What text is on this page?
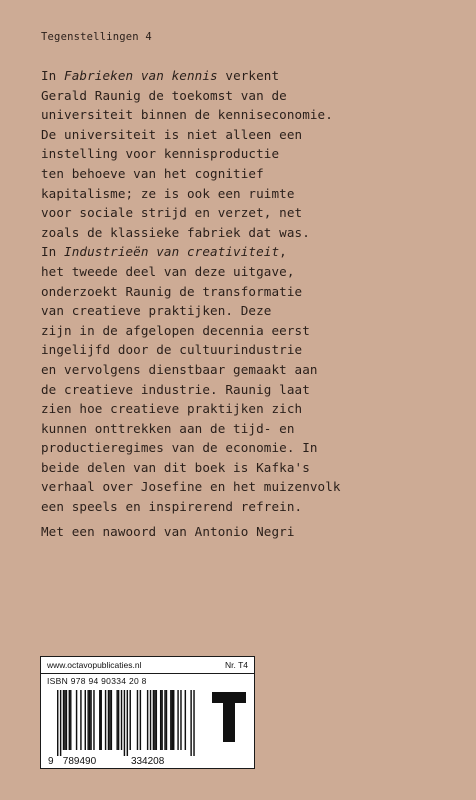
Tegenstellingen 4
In Fabrieken van kennis verkent
Gerald Raunig de toekomst van de
universiteit binnen de kenniseconomie.
De universiteit is niet alleen een
instelling voor kennisproductie
ten behoeve van het cognitief
kapitalisme; ze is ook een ruimte
voor sociale strijd en verzet, net
zoals de klassieke fabriek dat was.
In Industrieën van creativiteit,
het tweede deel van deze uitgave,
onderzoekt Raunig de transformatie
van creatieve praktijken. Deze
zijn in de afgelopen decennia eerst
ingelijfd door de cultuurindustrie
en vervolgens dienstbaar gemaakt aan
de creatieve industrie. Raunig laat
zien hoe creatieve praktijken zich
kunnen onttrekken aan de tijd- en
productieregimes van de economie. In
beide delen van dit boek is Kafka's
verhaal over Josefine en het muizenvolk
een speels en inspirerend refrein.
Met een nawoord van Antonio Negri
www.octavopublicaties.nl	Nr. T4
ISBN 978 94 90334 20 8
9 789490	334208
